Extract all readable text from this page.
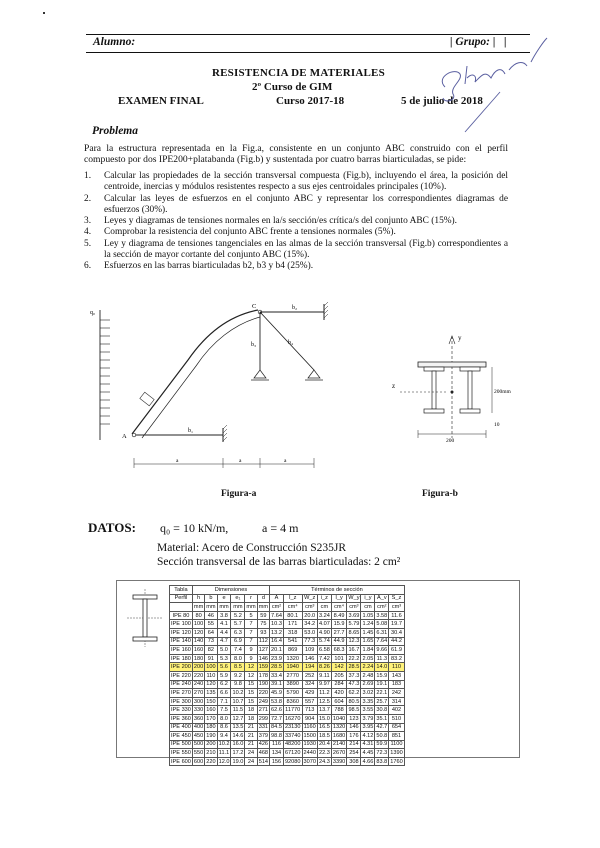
Alumno:	| Grupo: |   |
RESISTENCIA DE MATERIALES
2º Curso de GIM
EXAMEN FINAL	Curso 2017-18	5 de julio de 2018
Problema
Para la estructura representada en la Fig.a, consistente en un conjunto ABC construido con el perfil compuesto por dos IPE200+platabanda (Fig.b) y sustentada por cuatro barras biarticuladas, se pide:
1. Calcular las propiedades de la sección transversal compuesta (Fig.b), incluyendo el área, la posición del centroide, inercias y módulos resistentes respecto a sus ejes centroidales principales (10%).
2. Calcular las leyes de esfuerzos en el conjunto ABC y representar los correspondientes diagramas de esfuerzos (30%).
3. Leyes y diagramas de tensiones normales en la/s sección/es crítica/s del conjunto ABC (15%).
4. Comprobar la resistencia del conjunto ABC frente a tensiones normales (5%).
5. Ley y diagrama de tensiones tangenciales en las almas de la sección transversal (Fig.b) correspondientes a la sección de mayor cortante del conjunto ABC (15%).
6. Esfuerzos en las barras biarticuladas b2, b3 y b4 (25%).
q₀
b₁
A
C	b₂
b₃	b₄
a	a	a
Figura-a
y
z
200mm
10
200
Figura-b
DATOS: q₀ = 10 kN/m,	a = 4 m
Material: Acero de Construcción S235JR
Sección transversal de las barras biarticuladas: 2 cm²
Tabla	Dimensiones						Términos de sección								
Perfil	h	b	e	e₁	r	d	A	I_z	W_z	i_z	I_y	W_y	i_y	A_v	S_z
	mm	mm	mm	mm	mm	mm	cm²	cm⁴	cm³	cm	cm⁴	cm³	cm	cm²	cm³
IPE 80	80	46	3.8	5.2	5	59	7.64	80.1	20.0	3.24	8.49	3.69	1.05	3.58	11.6
IPE 100	100	55	4.1	5.7	7	75	10.3	171	34.2	4.07	15.9	5.79	1.24	5.08	19.7
IPE 120	120	64	4.4	6.3	7	93	13.2	318	53.0	4.90	27.7	8.65	1.45	6.31	30.4
IPE 140	140	73	4.7	6.9	7	112	16.4	541	77.3	5.74	44.9	12.3	1.65	7.64	44.2
IPE 160	160	82	5.0	7.4	9	127	20.1	869	109	6.58	68.3	16.7	1.84	9.66	61.9
IPE 180	180	91	5.3	8.0	9	146	23.9	1320	146	7.42	101	22.2	2.05	11.3	83.2
IPE 200	200	100	5.6	8.5	12	159	28.5	1940	194	8.26	142	28.5	2.24	14.0	110
IPE 220	220	110	5.9	9.2	12	178	33.4	2770	252	9.11	205	37.3	2.48	15.9	143
IPE 240	240	120	6.2	9.8	15	190	39.1	3890	324	9.97	284	47.3	2.69	19.1	183
IPE 270	270	135	6.6	10.2	15	220	45.9	5790	429	11.2	420	62.2	3.02	22.1	242
IPE 300	300	150	7.1	10.7	15	249	53.8	8360	557	12.5	604	80.5	3.35	25.7	314
IPE 330	330	160	7.5	11.5	18	271	62.6	11770	713	13.7	788	98.5	3.55	30.8	402
IPE 360	360	170	8.0	12.7	18	299	72.7	16270	904	15.0	1040	123	3.79	35.1	510
IPE 400	400	180	8.6	13.5	21	331	84.5	23130	1160	16.5	1320	146	3.95	42.7	654
IPE 450	450	190	9.4	14.6	21	379	98.8	33740	1500	18.5	1680	176	4.12	50.8	851
IPE 500	500	200	10.2	16.0	21	426	116	48200	1930	20.4	2140	214	4.31	59.9	1100
IPE 550	550	210	11.1	17.2	24	468	134	67120	2440	22.3	2670	254	4.45	72.3	1390
IPE 600	600	220	12.0	19.0	24	514	156	92080	3070	24.3	3390	308	4.66	83.8	1760
